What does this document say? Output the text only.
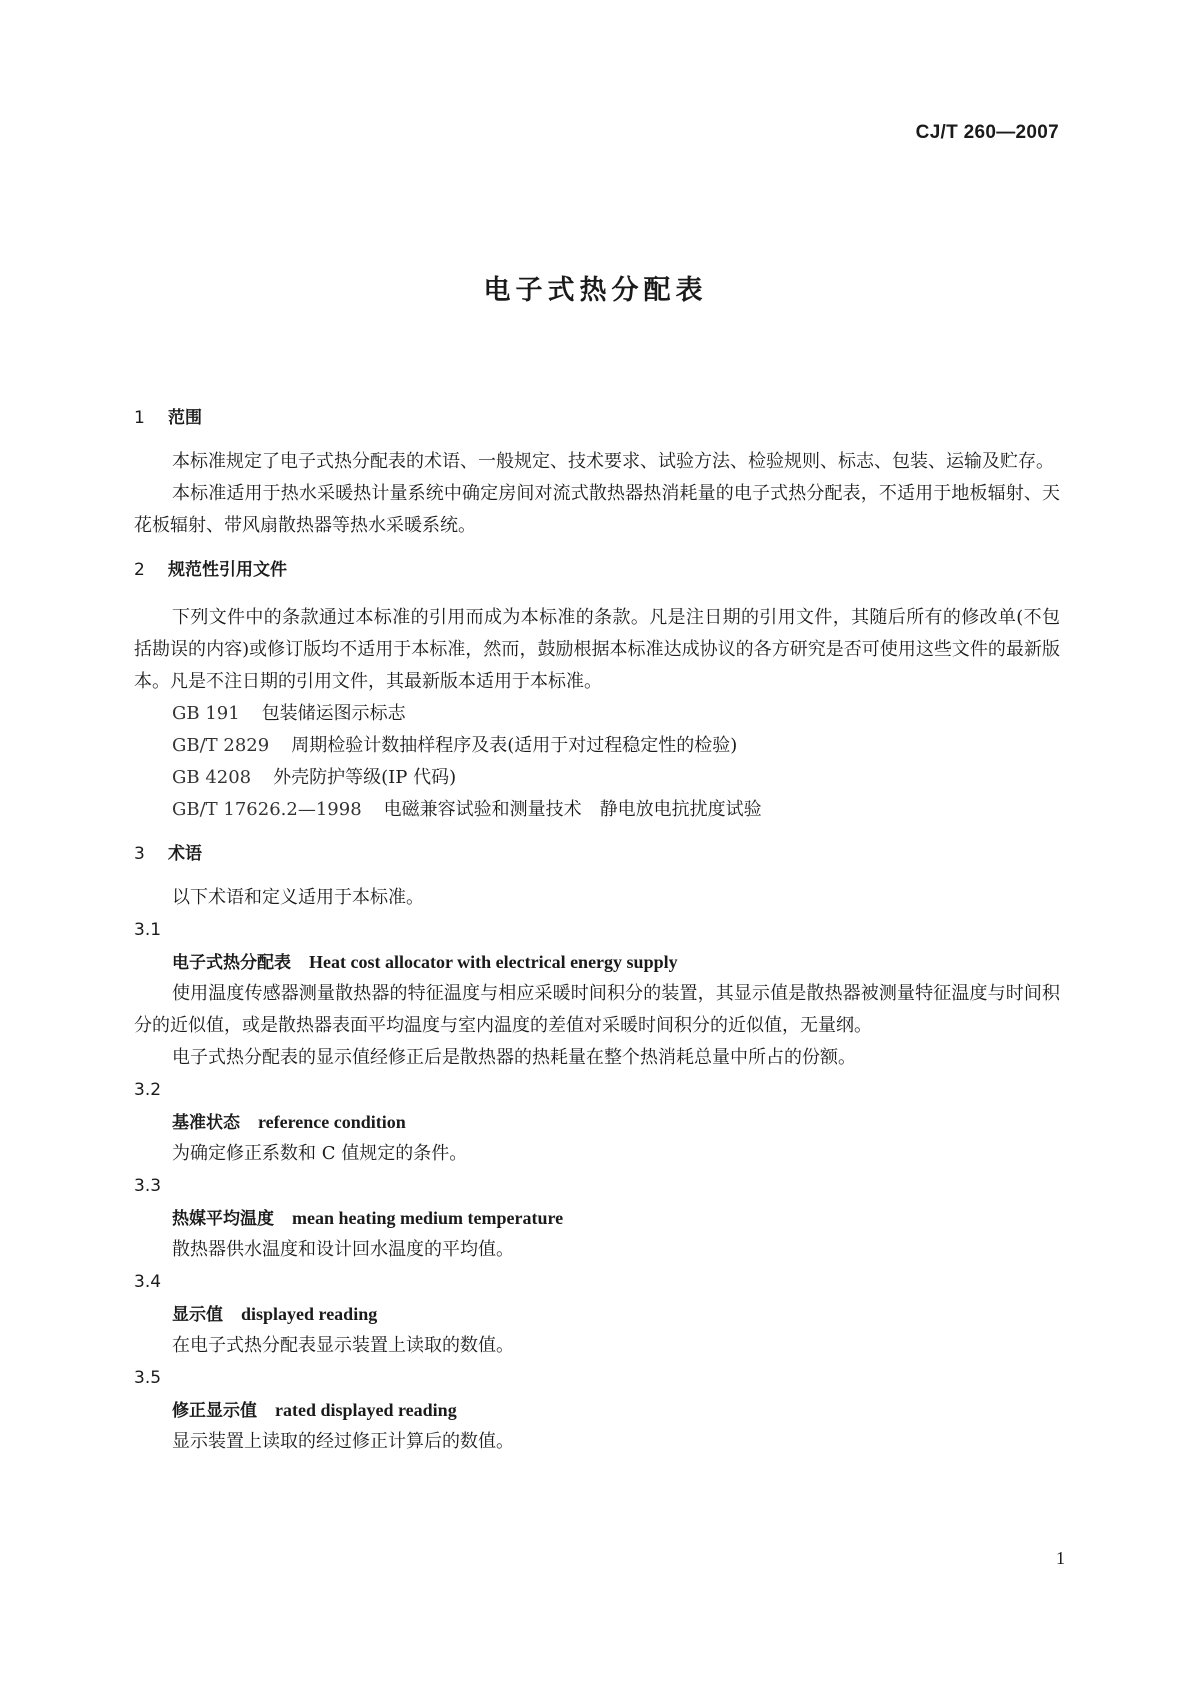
CJ/T 260—2007
电子式热分配表
1 范围
本标准规定了电子式热分配表的术语、一般规定、技术要求、试验方法、检验规则、标志、包装、运输及贮存。
本标准适用于热水采暖热计量系统中确定房间对流式散热器热消耗量的电子式热分配表，不适用于地板辐射、天花板辐射、带风扇散热器等热水采暖系统。
2 规范性引用文件
下列文件中的条款通过本标准的引用而成为本标准的条款。凡是注日期的引用文件，其随后所有的修改单(不包括勘误的内容)或修订版均不适用于本标准，然而，鼓励根据本标准达成协议的各方研究是否可使用这些文件的最新版本。凡是不注日期的引用文件，其最新版本适用于本标准。
GB 191 包装储运图示标志
GB/T 2829 周期检验计数抽样程序及表(适用于对过程稳定性的检验)
GB 4208 外壳防护等级(IP 代码)
GB/T 17626.2—1998 电磁兼容试验和测量技术　静电放电抗扰度试验
3 术语
以下术语和定义适用于本标准。
3.1
电子式热分配表 Heat cost allocator with electrical energy supply
使用温度传感器测量散热器的特征温度与相应采暖时间积分的装置，其显示值是散热器被测量特征温度与时间积分的近似值，或是散热器表面平均温度与室内温度的差值对采暖时间积分的近似值，无量纲。
电子式热分配表的显示值经修正后是散热器的热耗量在整个热消耗总量中所占的份额。
3.2
基准状态 reference condition
为确定修正系数和 C 值规定的条件。
3.3
热媒平均温度 mean heating medium temperature
散热器供水温度和设计回水温度的平均值。
3.4
显示值 displayed reading
在电子式热分配表显示装置上读取的数值。
3.5
修正显示值 rated displayed reading
显示装置上读取的经过修正计算后的数值。
1
